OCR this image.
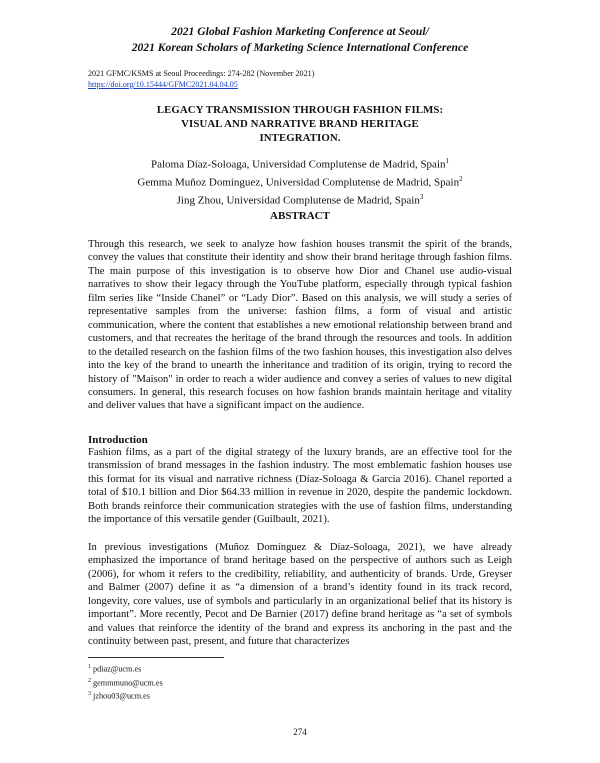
2021 Global Fashion Marketing Conference at Seoul/
2021 Korean Scholars of Marketing Science International Conference
2021 GFMC/KSMS at Seoul Proceedings: 274-282 (November 2021)
https://doi.org/10.15444/GFMC2021.04.04.05
LEGACY TRANSMISSION THROUGH FASHION FILMS:
VISUAL AND NARRATIVE BRAND HERITAGE
INTEGRATION.
Paloma Díaz-Soloaga, Universidad Complutense de Madrid, Spain$^1$
Gemma Muñoz Domínguez, Universidad Complutense de Madrid, Spain$^2$
Jing Zhou, Universidad Complutense de Madrid, Spain$^3$
ABSTRACT
Through this research, we seek to analyze how fashion houses transmit the spirit of the brands, convey the values that constitute their identity and show their brand heritage through fashion films. The main purpose of this investigation is to observe how Dior and Chanel use audio-visual narratives to show their legacy through the YouTube platform, especially through typical fashion film series like “Inside Chanel” or “Lady Dior”. Based on this analysis, we will study a series of representative samples from the universe: fashion films, a form of visual and artistic communication, where the content that establishes a new emotional relationship between brand and customers, and that recreates the heritage of the brand through the resources and tools. In addition to the detailed research on the fashion films of the two fashion houses, this investigation also delves into the key of the brand to unearth the inheritance and tradition of its origin, trying to record the history of "Maison" in order to reach a wider audience and convey a series of values to new digital consumers. In general, this research focuses on how fashion brands maintain heritage and vitality and deliver values that have a significant impact on the audience.
Introduction
Fashion films, as a part of the digital strategy of the luxury brands, are an effective tool for the transmission of brand messages in the fashion industry. The most emblematic fashion houses use this format for its visual and narrative richness (Díaz-Soloaga & Garcia 2016). Chanel reported a total of $10.1 billion and Dior $64.33 million in revenue in 2020, despite the pandemic lockdown. Both brands reinforce their communication strategies with the use of fashion films, understanding the importance of this versatile gender (Guilbault, 2021).
In previous investigations (Muñoz Domínguez & Díaz-Soloaga, 2021), we have already emphasized the importance of brand heritage based on the perspective of authors such as Leigh (2006), for whom it refers to the credibility, reliability, and authenticity of brands. Urde, Greyser and Balmer (2007) define it as “a dimension of a brand’s identity found in its track record, longevity, core values, use of symbols and particularly in an organizational belief that its history is important”. More recently, Pecot and De Barnier (2017) define brand heritage as “a set of symbols and values that reinforce the identity of the brand and express its anchoring in the past and the continuity between past, present, and future that characterizes
$^1$ pdiaz@ucm.es
$^2$ gemmmuno@ucm.es
$^3$ jzhou03@ucm.es
274
